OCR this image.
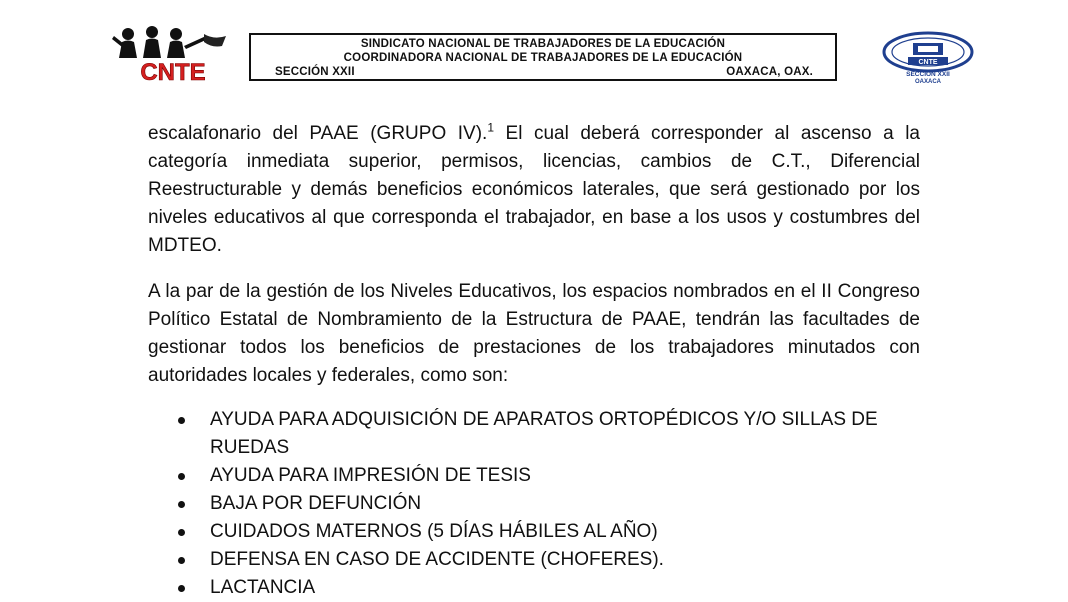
CNTE
SINDICATO NACIONAL DE TRABAJADORES DE LA EDUCACIÓN
COORDINADORA NACIONAL DE TRABAJADORES DE LA EDUCACIÓN
SECCIÓN XXII	OAXACA, OAX.
CNTE
SECCIÓN XXII
OAXACA

escalafonario del PAAE (GRUPO IV).$^1$ El cual deberá corresponder al ascenso a la categoría inmediata superior, permisos, licencias, cambios de C.T., Diferencial Reestructurable y demás beneficios económicos laterales, que será gestionado por los niveles educativos al que corresponda el trabajador, en base a los usos y costumbres del MDTEO.

A la par de la gestión de los Niveles Educativos, los espacios nombrados en el II Congreso Político Estatal de Nombramiento de la Estructura de PAAE, tendrán las facultades de gestionar todos los beneficios de prestaciones de los trabajadores minutados con autoridades locales y federales, como son:

AYUDA PARA ADQUISICIÓN DE APARATOS ORTOPÉDICOS Y/O SILLAS DE RUEDAS
AYUDA PARA IMPRESIÓN DE TESIS
BAJA POR DEFUNCIÓN
CUIDADOS MATERNOS (5 DÍAS HÁBILES AL AÑO)
DEFENSA EN CASO DE ACCIDENTE (CHOFERES).
LACTANCIA
